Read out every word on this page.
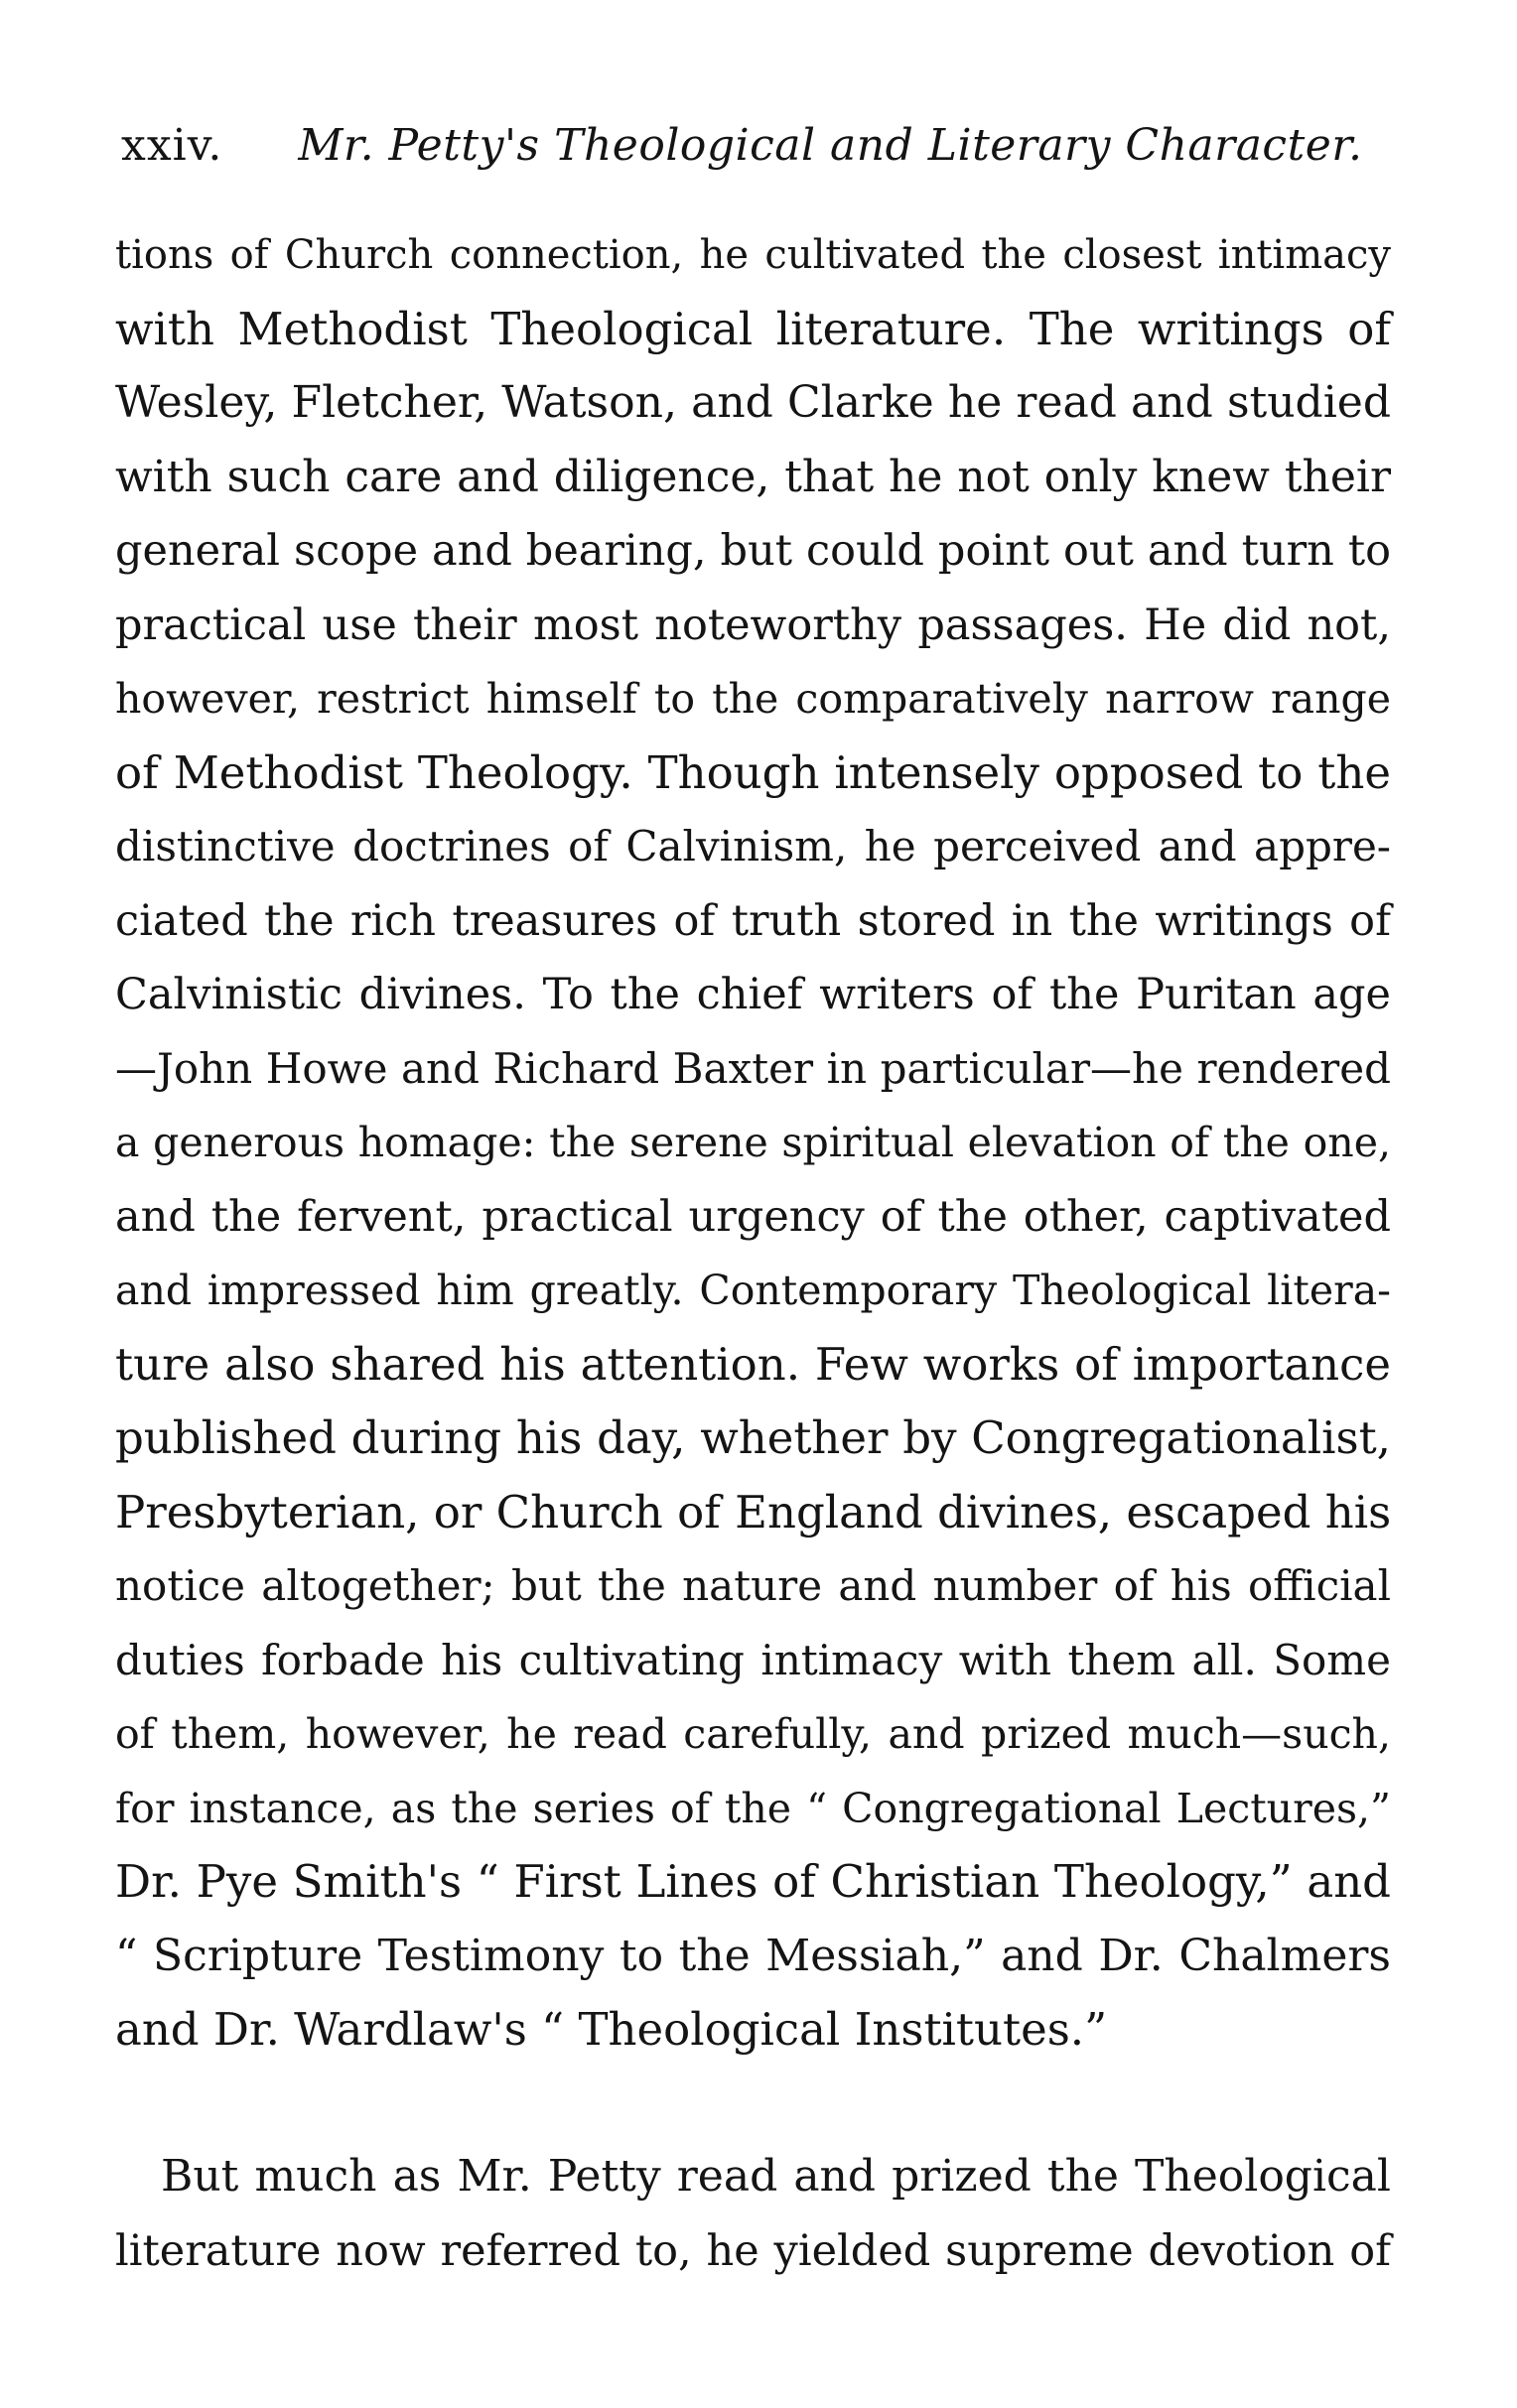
xxiv. Mr. Petty's Theological and Literary Character.
tions of Church connection, he cultivated the closest intimacy
with Methodist Theological literature. The writings of
Wesley, Fletcher, Watson, and Clarke he read and studied
with such care and diligence, that he not only knew their
general scope and bearing, but could point out and turn to
practical use their most noteworthy passages. He did not,
however, restrict himself to the comparatively narrow range
of Methodist Theology. Though intensely opposed to the
distinctive doctrines of Calvinism, he perceived and appre-
ciated the rich treasures of truth stored in the writings of
Calvinistic divines. To the chief writers of the Puritan age
—John Howe and Richard Baxter in particular—he rendered
a generous homage: the serene spiritual elevation of the one,
and the fervent, practical urgency of the other, captivated
and impressed him greatly. Contemporary Theological litera-
ture also shared his attention. Few works of importance
published during his day, whether by Congregationalist,
Presbyterian, or Church of England divines, escaped his
notice altogether; but the nature and number of his official
duties forbade his cultivating intimacy with them all. Some
of them, however, he read carefully, and prized much—such,
for instance, as the series of the “ Congregational Lectures,”
Dr. Pye Smith's “ First Lines of Christian Theology,” and
“ Scripture Testimony to the Messiah,” and Dr. Chalmers
and Dr. Wardlaw's “ Theological Institutes.”
But much as Mr. Petty read and prized the Theological
literature now referred to, he yielded supreme devotion of
